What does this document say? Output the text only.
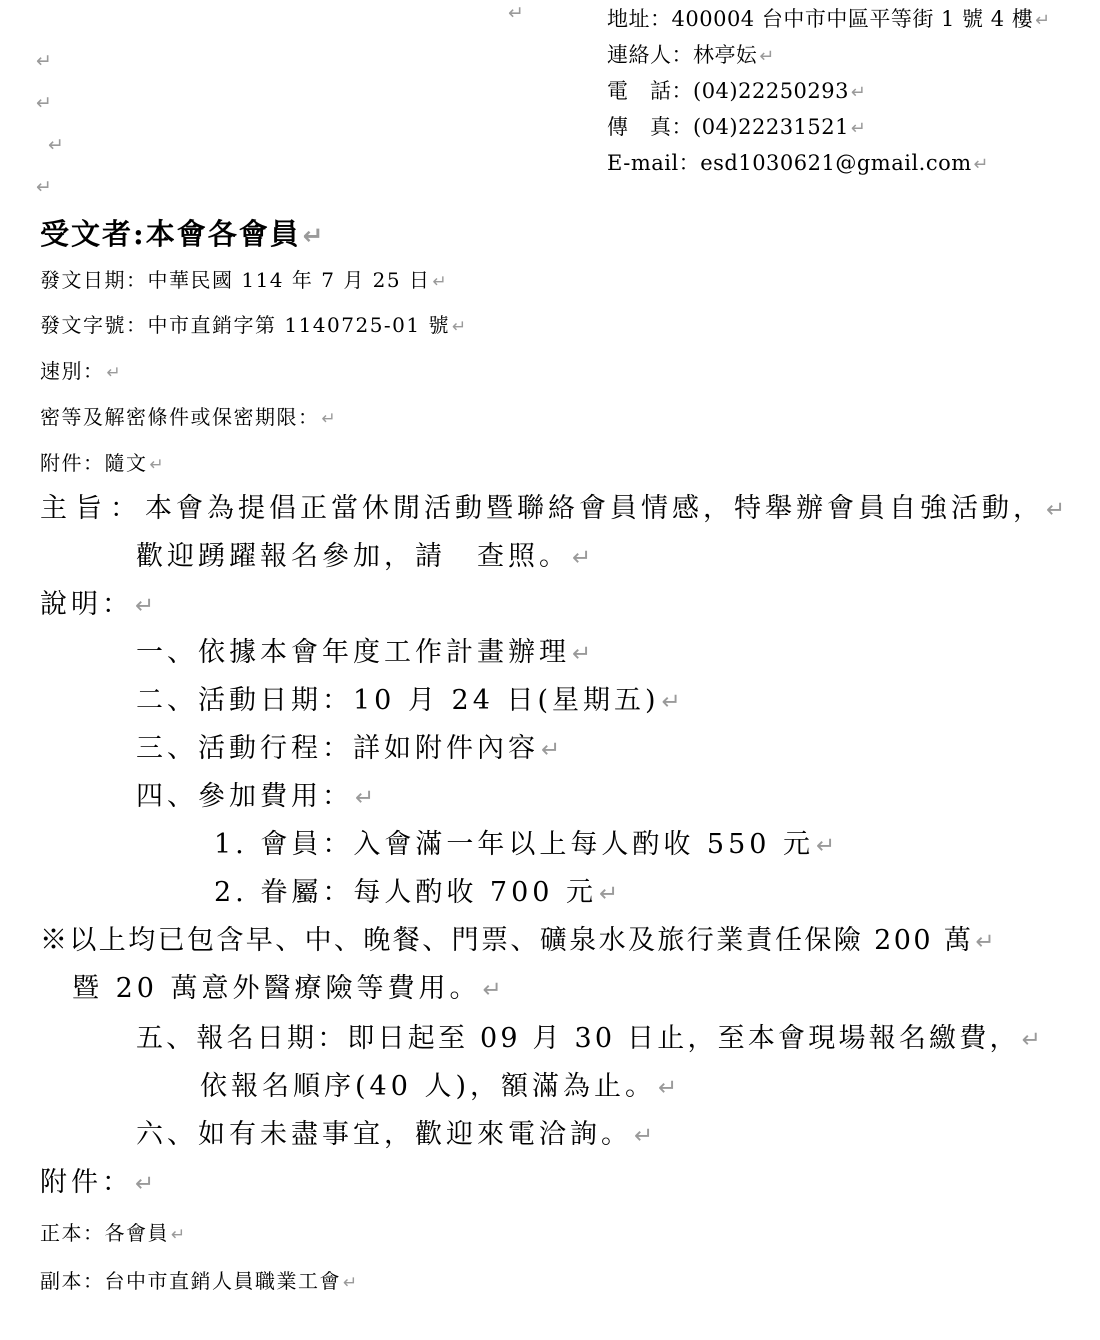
↵
↵
↵
↵
↵
地址：400004 台中市中區平等街 1 號 4 樓 ↵
連絡人：林亭妘 ↵
電　話：(04)22250293 ↵
傳　真：(04)22231521 ↵
E-mail：esd1030621@gmail.com ↵
受文者:本會各會員↵
發文日期：中華民國 114 年 7 月 25 日 ↵
發文字號：中市直銷字第 1140725-01 號 ↵
速別： ↵
密等及解密條件或保密期限： ↵
附件：隨文 ↵
主旨：本會為提倡正當休閒活動暨聯絡會員情感，特舉辦會員自強活動，↵
歡迎踴躍報名參加，請　查照。↵
說明：↵
一、依據本會年度工作計畫辦理↵
二、活動日期：10 月 24 日(星期五)↵
三、活動行程：詳如附件內容↵
四、參加費用：↵
1. 會員：入會滿一年以上每人酌收 550 元↵
2. 眷屬：每人酌收 700 元↵
※以上均已包含早、中、晚餐、門票、礦泉水及旅行業責任保險 200 萬↵
暨 20 萬意外醫療險等費用。↵
五、報名日期：即日起至 09 月 30 日止，至本會現場報名繳費，↵
依報名順序(40 人)，額滿為止。↵
六、如有未盡事宜，歡迎來電洽詢。↵
附件：↵
正本：各會員 ↵
副本：台中市直銷人員職業工會 ↵
